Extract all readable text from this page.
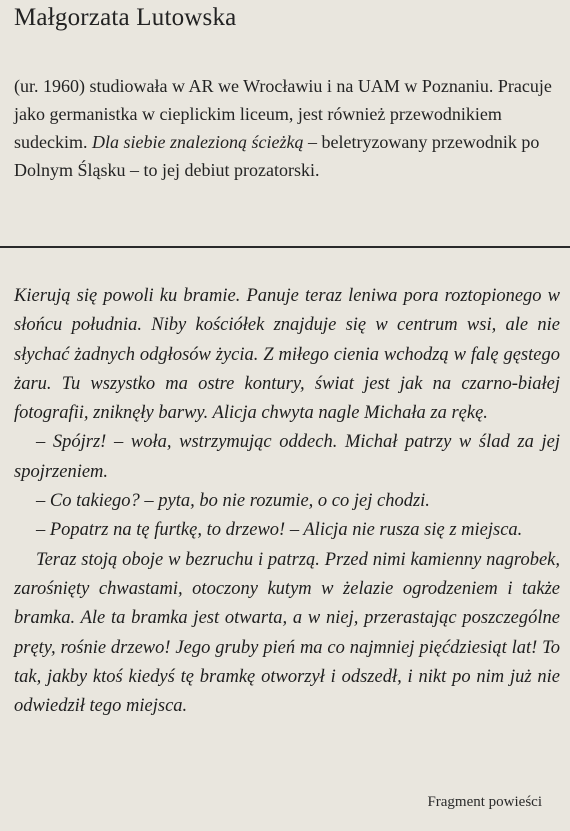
Małgorzata Lutowska
(ur. 1960) studiowała w AR we Wrocławiu i na UAM w Poznaniu. Pracuje jako germanistka w cieplickim liceum, jest również przewodnikiem sudeckim. Dla siebie znalezioną ścieżką – beletryzowany przewodnik po Dolnym Śląsku – to jej debiut prozatorski.

Kierują się powoli ku bramie. Panuje teraz leniwa pora roztopionego w słońcu południa. Niby kościółek znajduje się w centrum wsi, ale nie słychać żadnych odgłosów życia. Z miłego cienia wchodzą w falę gęstego żaru. Tu wszystko ma ostre kontury, świat jest jak na czarno-białej fotografii, zniknęły barwy. Alicja chwyta nagle Michała za rękę.

– Spójrz! – woła, wstrzymując oddech. Michał patrzy w ślad za jej spojrzeniem.

– Co takiego? – pyta, bo nie rozumie, o co jej chodzi.

– Popatrz na tę furtkę, to drzewo! – Alicja nie rusza się z miejsca.

Teraz stoją oboje w bezruchu i patrzą. Przed nimi kamienny nagrobek, zarośnięty chwastami, otoczony kutym w żelazie ogrodzeniem i także bramka. Ale ta bramka jest otwarta, a w niej, przerastając poszczególne pręty, rośnie drzewo! Jego gruby pień ma co najmniej pięćdziesiąt lat! To tak, jakby ktoś kiedyś tę bramkę otworzył i odszedł, i nikt po nim już nie odwiedził tego miejsca.

Fragment powieści
